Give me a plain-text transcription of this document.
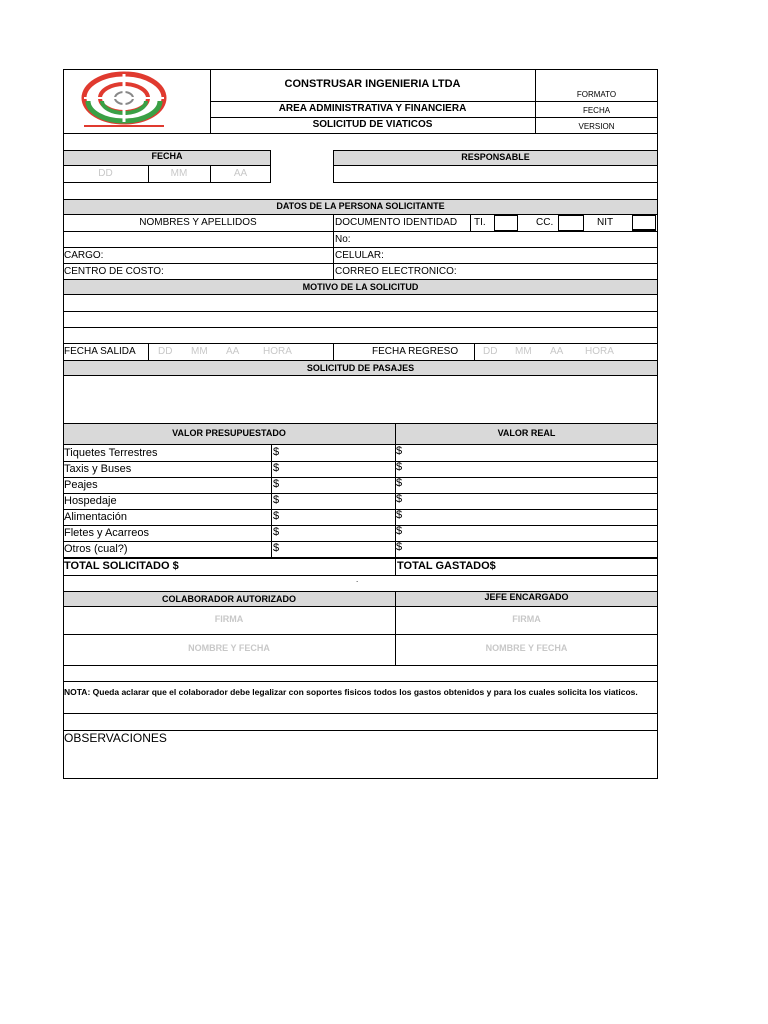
CONSTRUSAR INGENIERIA LTDA
AREA ADMINISTRATIVA Y FINANCIERA
SOLICITUD DE VIATICOS
FORMATO
FECHA
VERSION
FECHA
DD	MM	AA
RESPONSABLE
DATOS DE LA PERSONA SOLICITANTE
NOMBRES Y APELLIDOS	DOCUMENTO IDENTIDAD TI.	CC.	NIT
No:
CARGO:	CELULAR:
CENTRO DE COSTO:	CORREO ELECTRONICO:
MOTIVO DE LA SOLICITUD
FECHA SALIDA DD MM AA HORA	FECHA REGRESO DD MM AA HORA
SOLICITUD DE PASAJES
VALOR PRESUPUESTADO	VALOR REAL
Tiquetes Terrestres	$	$
Taxis y Buses	$	$
Peajes	$	$
Hospedaje	$	$
Alimentación	$	$
Fletes y Acarreos	$	$
Otros (cual?)	$	$
TOTAL SOLICITADO $	TOTAL GASTADO$
.
COLABORADOR AUTORIZADO	JEFE ENCARGADO
FIRMA	FIRMA
NOMBRE Y FECHA	NOMBRE Y FECHA
NOTA: Queda aclarar que el colaborador debe legalizar con soportes fisicos todos los gastos obtenidos y para los cuales solicita los viaticos.
OBSERVACIONES
